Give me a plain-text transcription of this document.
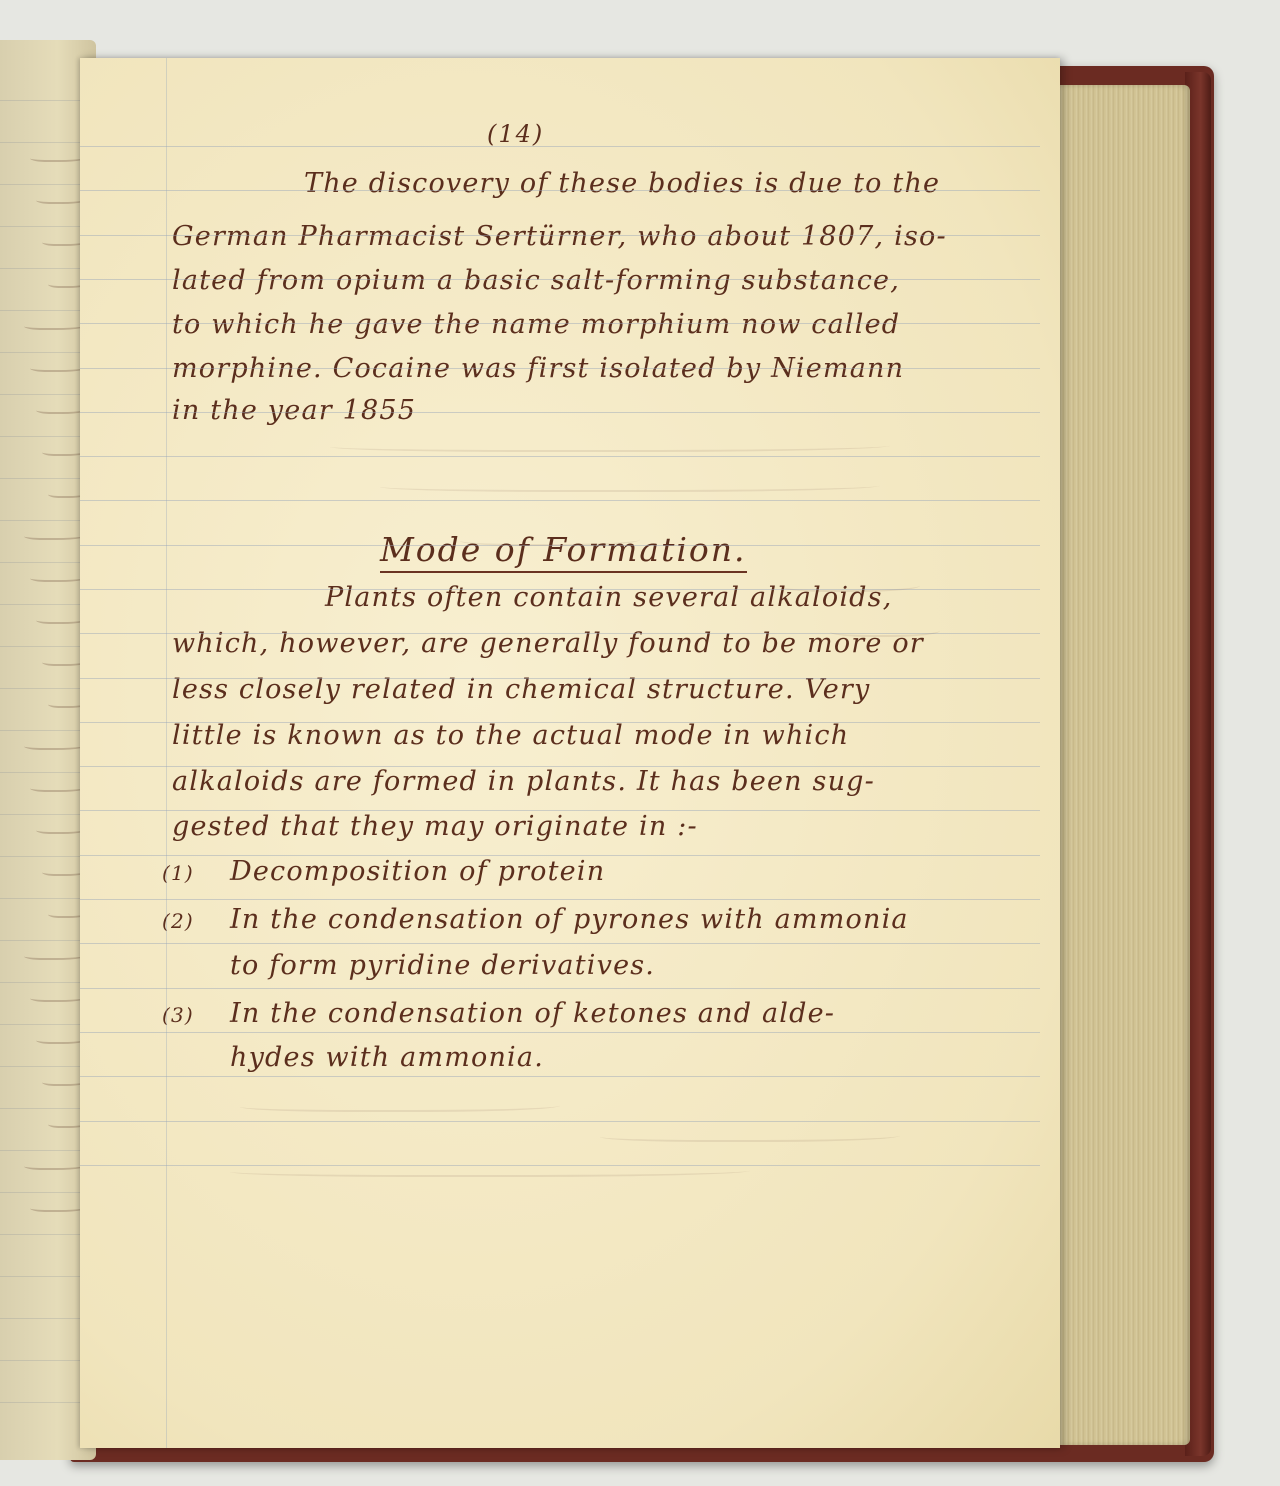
(14)
The discovery of these bodies is due to the
German Pharmacist Sertürner, who about 1807, iso-
lated from opium a basic salt-forming substance,
to which he gave the name morphium now called
morphine. Cocaine was first isolated by Niemann
in the year 1855
Mode of Formation.
Plants often contain several alkaloids,
which, however, are generally found to be more or
less closely related in chemical structure. Very
little is known as to the actual mode in which
alkaloids are formed in plants. It has been sug-
gested that they may originate in :-
(1) Decomposition of protein
(2) In the condensation of pyrones with ammonia
to form pyridine derivatives.
(3) In the condensation of ketones and alde-
hydes with ammonia.
